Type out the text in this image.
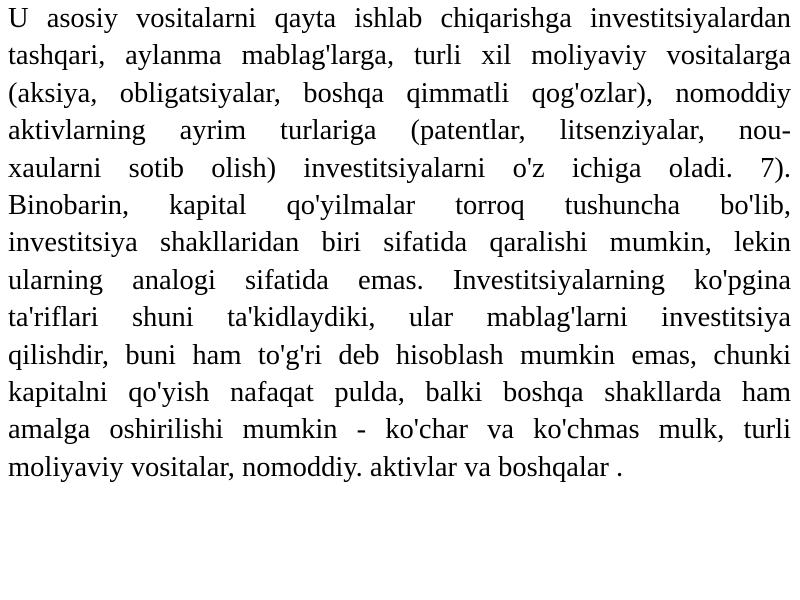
U asosiy vositalarni qayta ishlab chiqarishga investitsiyalardan
tashqari, aylanma mablag'larga, turli xil moliyaviy vositalarga
(aksiya, obligatsiyalar, boshqa qimmatli qog'ozlar), nomoddiy
aktivlarning ayrim turlariga (patentlar, litsenziyalar, nou-
xaularni sotib olish) investitsiyalarni o'z ichiga oladi. 7).
Binobarin, kapital qo'yilmalar torroq tushuncha bo'lib,
investitsiya shakllaridan biri sifatida qaralishi mumkin, lekin
ularning analogi sifatida emas. Investitsiyalarning ko'pgina
ta'riflari shuni ta'kidlaydiki, ular mablag'larni investitsiya
qilishdir, buni ham to'g'ri deb hisoblash mumkin emas, chunki
kapitalni qo'yish nafaqat pulda, balki boshqa shakllarda ham
amalga oshirilishi mumkin - ko'char va ko'chmas mulk, turli
moliyaviy vositalar, nomoddiy. aktivlar va boshqalar .
